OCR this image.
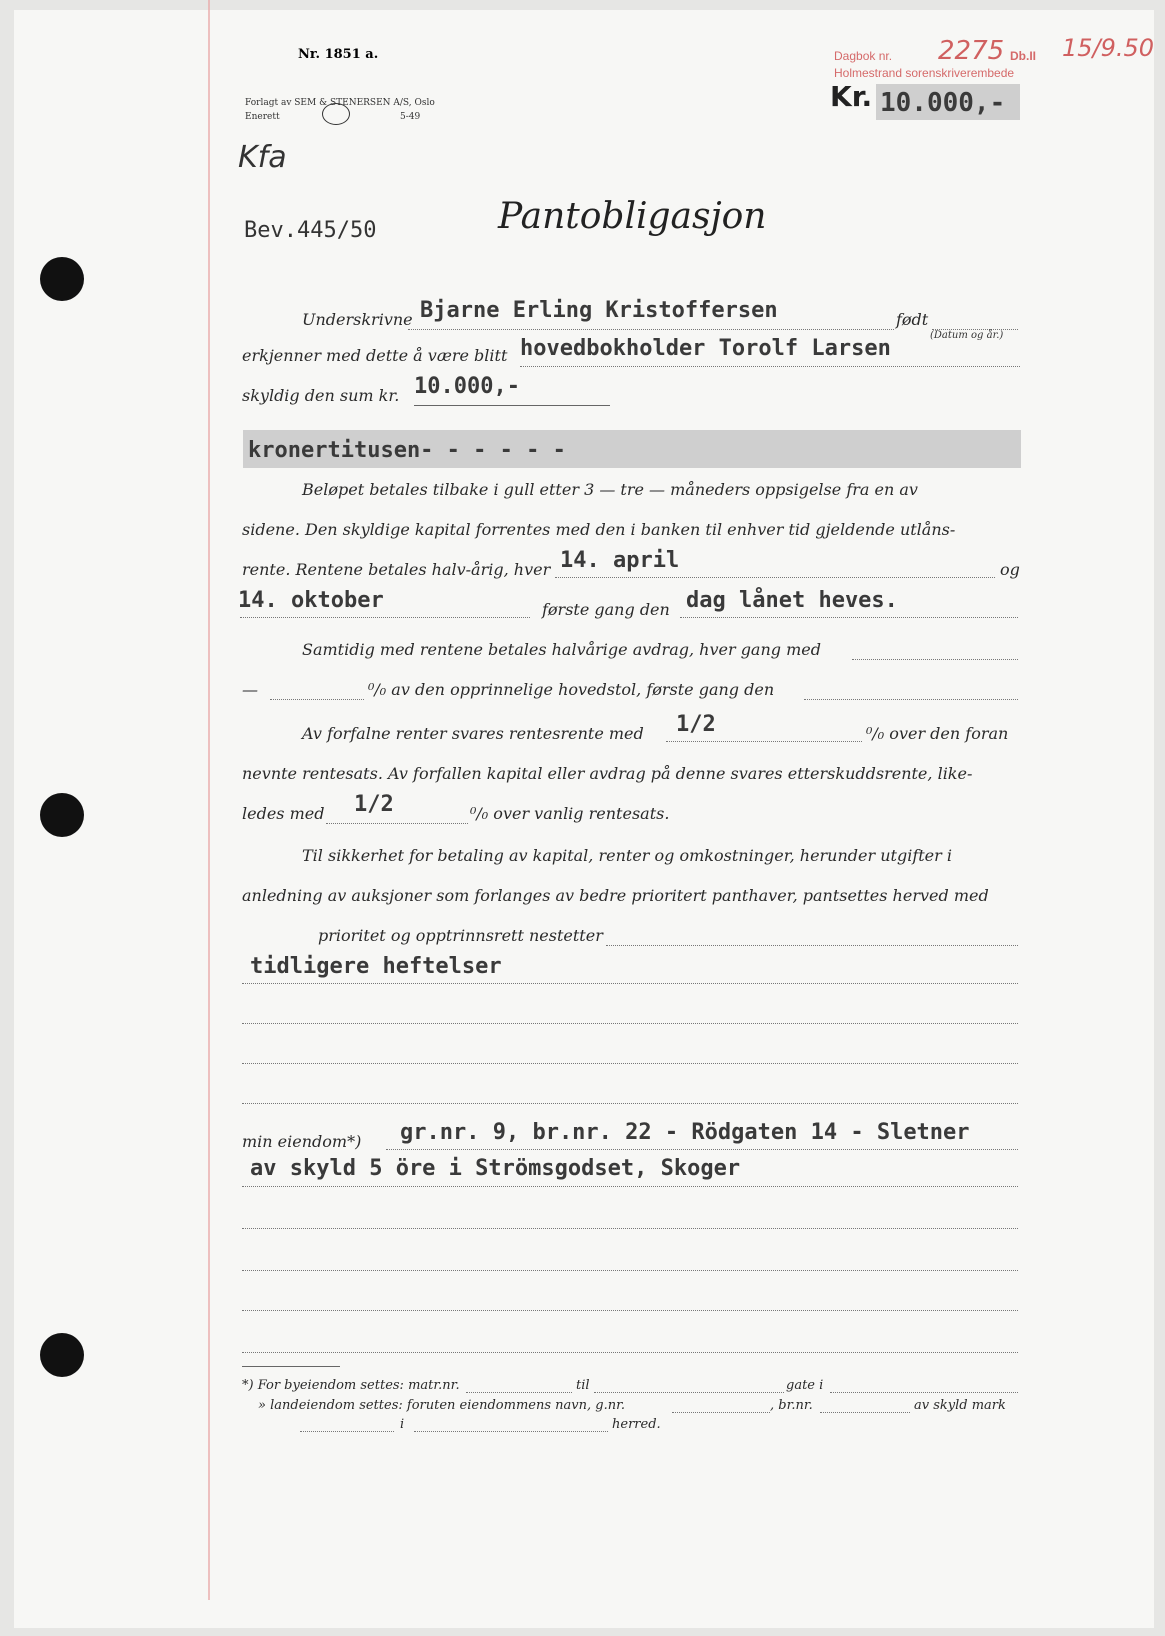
Nr. 1851 a.
Forlagt av SEM & STENERSEN A/S, Oslo
Enerett	5-49
Dagbok nr. 2275 Db.II 15/9.50
Holmestrand sorenskriverembede
Kr. 10.000,-
Kfa
Bev.445/50	Pantobligasjon
Underskrivne Bjarne Erling Kristoffersen	født
(Datum og år.)
erkjenner med dette å være blitt hovedbokholder Torolf Larsen
skyldig den sum kr. 10.000,-
kronertitusen- - - - - -
Beløpet betales tilbake i gull etter 3 — tre — måneders oppsigelse fra en av
sidene. Den skyldige kapital forrentes med den i banken til enhver tid gjeldende utlåns-
rente. Rentene betales halv-årig, hver 14. april	og
14. oktober	første gang den dag lånet heves.
Samtidig med rentene betales halvårige avdrag, hver gang med
—	⁰/₀ av den opprinnelige hovedstol, første gang den
Av forfalne renter svares rentesrente med 1/2	⁰/₀ over den foran
nevnte rentesats. Av forfallen kapital eller avdrag på denne svares etterskuddsrente, like-
ledes med 1/2	⁰/₀ over vanlig rentesats.
Til sikkerhet for betaling av kapital, renter og omkostninger, herunder utgifter i
anledning av auksjoner som forlanges av bedre prioritert panthaver, pantsettes herved med
prioritet og opptrinnsrett nestetter
tidligere heftelser
min eiendom*) gr.nr. 9, br.nr. 22 - Rödgaten 14 - Sletner
av skyld 5 öre i Strömsgodset, Skoger
*) For byeiendom settes: matr.nr.	til	gate i
» landeiendom settes: foruten eiendommens navn, g.nr.	, br.nr.	av skyld mark
i	herred.
